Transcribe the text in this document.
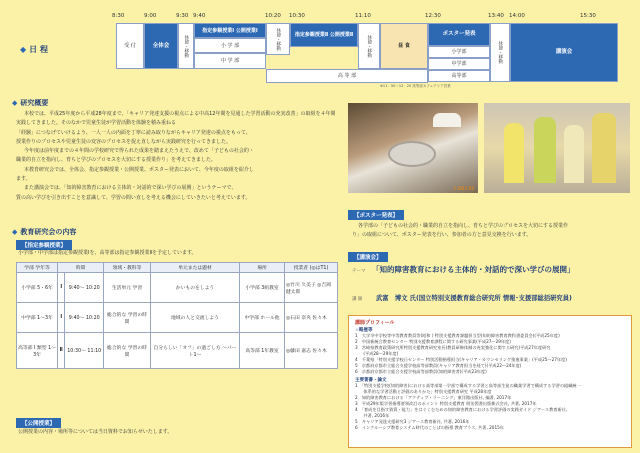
8:30	9:00	9:30 9:40	10:20 10:30	11:10	12:30	13:40 14:00	15:30
◆ 日 程	受 付	全体会	休憩・移動
指定参観授業Ⅰ 公開授業Ⅰ
小 学 部
中 学 部
休憩・移動	指定参観授業Ⅱ 公開授業Ⅱ	休憩・移動	昼 食
高 等 部
※11：50〜12：20 高等部カフェテリア営業
ポスター発表
小学部
中学部
高等部
休憩・移動	講演会
◆ 研究概要
本校では、平成25年度から平成28年度まで、「キャリア発達支援の視点による中高12年間を見通した学習活動の充実改善」の取組を４年間実践してきました。そのなかで児童生徒が学習活動を体験を積み重ねる
「経験」につなげていけるよう、一人一人の内面を丁寧に読み取りながらキャリア発達の視点をもって、
授業作りのプロセスや児童生徒の変容のプロセスを捉え直しながら実践研究を行ってきました。
今年度は前年度までの４年間の学校研究で得られた成果を踏まえたうえで、改めて「子どもの社会的・
職業的自立を指向し、育ちと学びのプロセスを大切にする授業作り」を考えてきました。
本教育研究会では、全体会、指定参観授業・公開授業、ポスター発表において、今年度の取組を紹介し
ます。
また講演会では、「知的障害教育における主体的・対話的で深い学びの展開」というテーマで、
質の高い学びを引き出すことを意識して、学習の問い直しを考える機会にしていきたいと考えています。
1 2017.02
◆ 教育研究会の内容
【指定参観授業】
小学部・中学部は指定参観授業Ⅰを、高等部は指定参観授業Ⅱを予定しています。
学部 学年等	時間		領域・教科等	単元または題材	場所	授業者 (◎はT1)
小学部 5・6年	Ⅰ	9:40〜 10:20	生活単元 学習	かいものをしよう	小学部 3組教室	◎竹川 久美子 ◎吉岡 健太郎
中学部 1〜3年	Ⅰ	9:40〜 10:20	総合的な 学習の時間	地域の人と交流しよう	中学部 ホール他	◎石田 奈央 佐々木
高等部 Ⅰ 類型 1〜3年	Ⅱ	10:30〜 11:10	総合的な 学習の時間	自分らしい「オフ」の過ごし方 〜パート1〜	高等部 1年教室	◎藤田 嘉志 佐々木
【公開授業】
公開授業の内容・場所等については当日資料でお知らせいたします。
【ポスター発表】
各学部の「子どもの社会的・職業的自立を指向し、育ちと学びのプロセスを大切にする授業作
り」の取組について、ポスター発表を行い、参加者の方と意見交換を行います。
【講演会】
テーマ 「知的障害教育における主体的・対話的で深い学びの展開」
講 師 武富　博文 氏(国立特別支援教育総合研究所 情報･支援部総括研究員)
講師プロフィール
☆略歴等
1　大学卒中学校等中等教育教員等(昭和 ) 特別支援教育課題担当型(知的障害教育教科書委員会)(平成25年度)
2　中国新統合教育センター 特別支援教育課程に関する研究事業(平成27〜29年度)
3　宮崎県教育政策研究所特別支援教育研究室長(教員研修体制の充実強化に関する研究)平成27年度研究
　　(平成28〜29年度)
4　千葉県「特別支援学校日センター 特別活動指導担当(キャリア・カウンセリング推進事業」(平成25〜27年度)
5　京都府京都市立総合支援学校高等部教員(キャリア教育担当を経て)(平成22〜24年度)
6　京都府京都市立総合支援学校高等部教員(知的障害者)(平成23年度)
主要著書・論文
1　「特別支援学校(知的障害)における高等部第一学部で構成する学習と高等部生徒の職業学習で構成する学習の組織統一
　　体系的な学習活動と評価のありかた」特別支援教育研究 平成28年度
2　知的障害教育における「アクティブ・ラーニング」東洋館出版社, 編著, 2017年
3　平成29年版学習指導要領改訂のポイント 特別支援教育 明治図書出版株式会社, 共著, 2017年
4　「育成を目指す資質・能力」をはぐくむための知的障害教育における学習評価の実践ガイド ジアース教育新社,
　　共著, 2016年
5　キャリア発達支援研究3 ジアース教育新社, 共著, 2016年
6　インクルーシブ教育システム時代のことばの指導 教育プラス, 共著, 2015年
